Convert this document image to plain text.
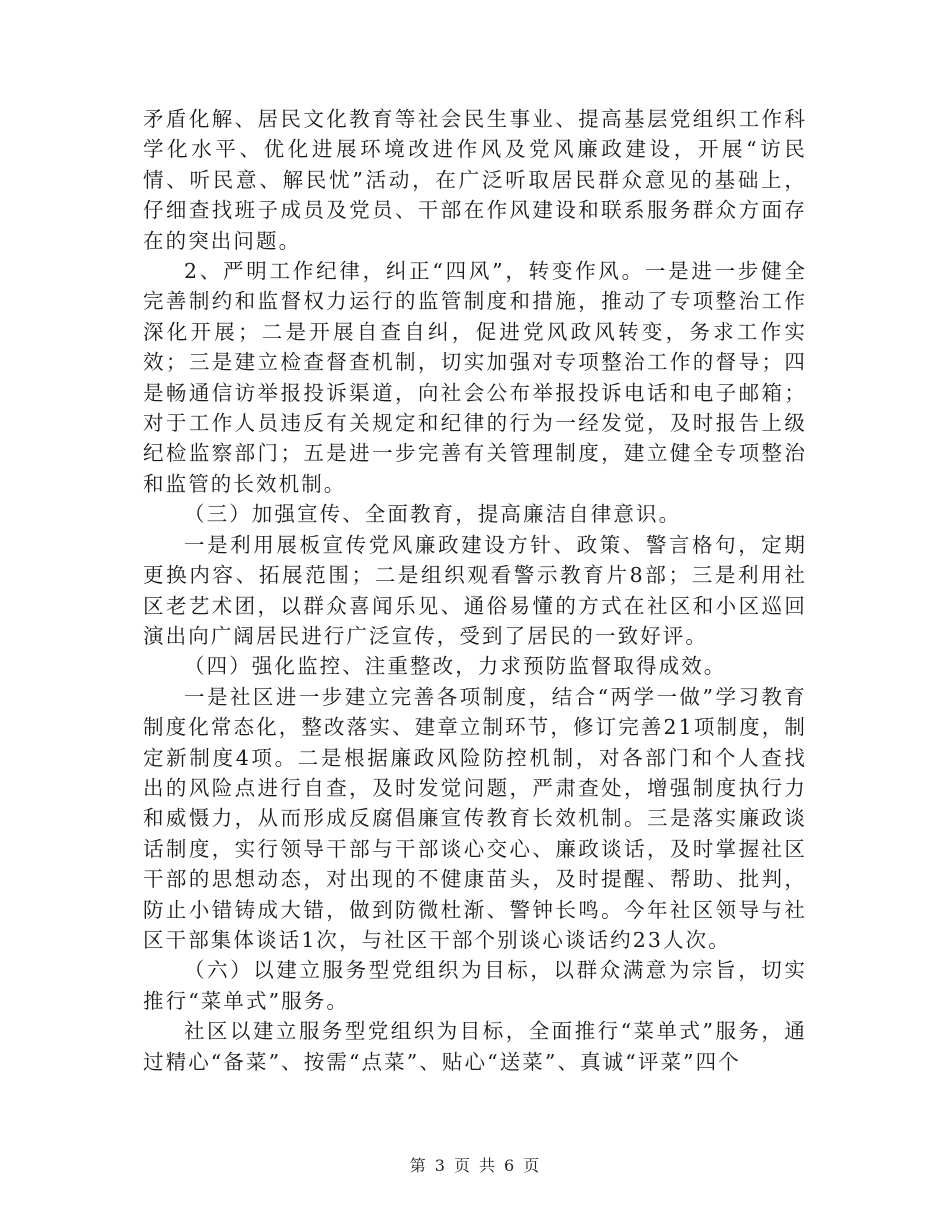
矛盾化解、居民文化教育等社会民生事业、提高基层党组织工作科学化水平、优化进展环境改进作风及党风廉政建设，开展“访民情、听民意、解民忧”活动，在广泛听取居民群众意见的基础上，仔细查找班子成员及党员、干部在作风建设和联系服务群众方面存在的突出问题。

2、严明工作纪律，纠正“四风”，转变作风。一是进一步健全完善制约和监督权力运行的监管制度和措施，推动了专项整治工作深化开展；二是开展自查自纠，促进党风政风转变，务求工作实效；三是建立检查督查机制，切实加强对专项整治工作的督导；四是畅通信访举报投诉渠道，向社会公布举报投诉电话和电子邮箱；对于工作人员违反有关规定和纪律的行为一经发觉，及时报告上级纪检监察部门；五是进一步完善有关管理制度，建立健全专项整治和监管的长效机制。

（三）加强宣传、全面教育，提高廉洁自律意识。

一是利用展板宣传党风廉政建设方针、政策、警言格句，定期更换内容、拓展范围；二是组织观看警示教育片8部；三是利用社区老艺术团，以群众喜闻乐见、通俗易懂的方式在社区和小区巡回演出向广阔居民进行广泛宣传，受到了居民的一致好评。

（四）强化监控、注重整改，力求预防监督取得成效。

一是社区进一步建立完善各项制度，结合“两学一做”学习教育制度化常态化，整改落实、建章立制环节，修订完善21项制度，制定新制度4项。二是根据廉政风险防控机制，对各部门和个人查找出的风险点进行自查，及时发觉问题，严肃查处，增强制度执行力和威慑力，从而形成反腐倡廉宣传教育长效机制。三是落实廉政谈话制度，实行领导干部与干部谈心交心、廉政谈话，及时掌握社区干部的思想动态，对出现的不健康苗头，及时提醒、帮助、批判，防止小错铸成大错，做到防微杜渐、警钟长鸣。今年社区领导与社区干部集体谈话1次，与社区干部个别谈心谈话约23人次。

（六）以建立服务型党组织为目标，以群众满意为宗旨，切实推行“菜单式”服务。

社区以建立服务型党组织为目标，全面推行“菜单式”服务，通过精心“备菜”、按需“点菜”、贴心“送菜”、真诚“评菜”四个

第 3 页 共 6 页
